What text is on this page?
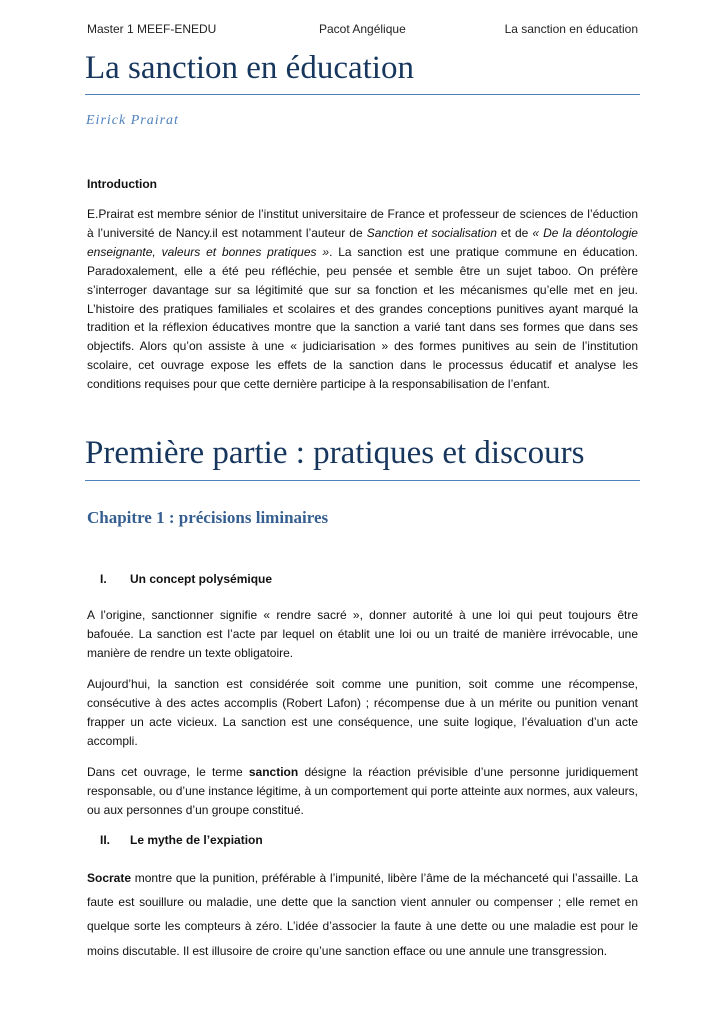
Master 1 MEEF-ENEDU	Pacot Angélique	La sanction en éducation
La sanction en éducation

Eirick Prairat

Introduction

E.Prairat est membre sénior de l’institut universitaire de France et professeur de sciences de l’éduction à l’université de Nancy.il est notamment l’auteur de Sanction et socialisation et de « De la déontologie enseignante, valeurs et bonnes pratiques ». La sanction est une pratique commune en éducation. Paradoxalement, elle a été peu réfléchie, peu pensée et semble être un sujet taboo. On préfère s’interroger davantage sur sa légitimité que sur sa fonction et les mécanismes qu’elle met en jeu. L’histoire des pratiques familiales et scolaires et des grandes conceptions punitives ayant marqué la tradition et la réflexion éducatives montre que la sanction a varié tant dans ses formes que dans ses objectifs. Alors qu’on assiste à une « judiciarisation » des formes punitives au sein de l’institution scolaire, cet ouvrage expose les effets de la sanction dans le processus éducatif et analyse les conditions requises pour que cette dernière participe à la responsabilisation de l’enfant.

Première partie : pratiques et discours
Chapitre 1 : précisions liminaires

I. Un concept polysémique

A l’origine, sanctionner signifie « rendre sacré », donner autorité à une loi qui peut toujours être bafouée. La sanction est l’acte par lequel on établit une loi ou un traité de manière irrévocable, une manière de rendre un texte obligatoire.

Aujourd’hui, la sanction est considérée soit comme une punition, soit comme une récompense, consécutive à des actes accomplis (Robert Lafon) ; récompense due à un mérite ou punition venant frapper un acte vicieux. La sanction est une conséquence, une suite logique, l’évaluation d’un acte accompli.

Dans cet ouvrage, le terme sanction désigne la réaction prévisible d’une personne juridiquement responsable, ou d’une instance légitime, à un comportement qui porte atteinte aux normes, aux valeurs, ou aux personnes d’un groupe constitué.

II. Le mythe de l’expiation

Socrate montre que la punition, préférable à l’impunité, libère l’âme de la méchanceté qui l’assaille. La faute est souillure ou maladie, une dette que la sanction vient annuler ou compenser ; elle remet en quelque sorte les compteurs à zéro. L’idée d’associer la faute à une dette ou une maladie est pour le moins discutable. Il est illusoire de croire qu’une sanction efface ou une annule une transgression.
